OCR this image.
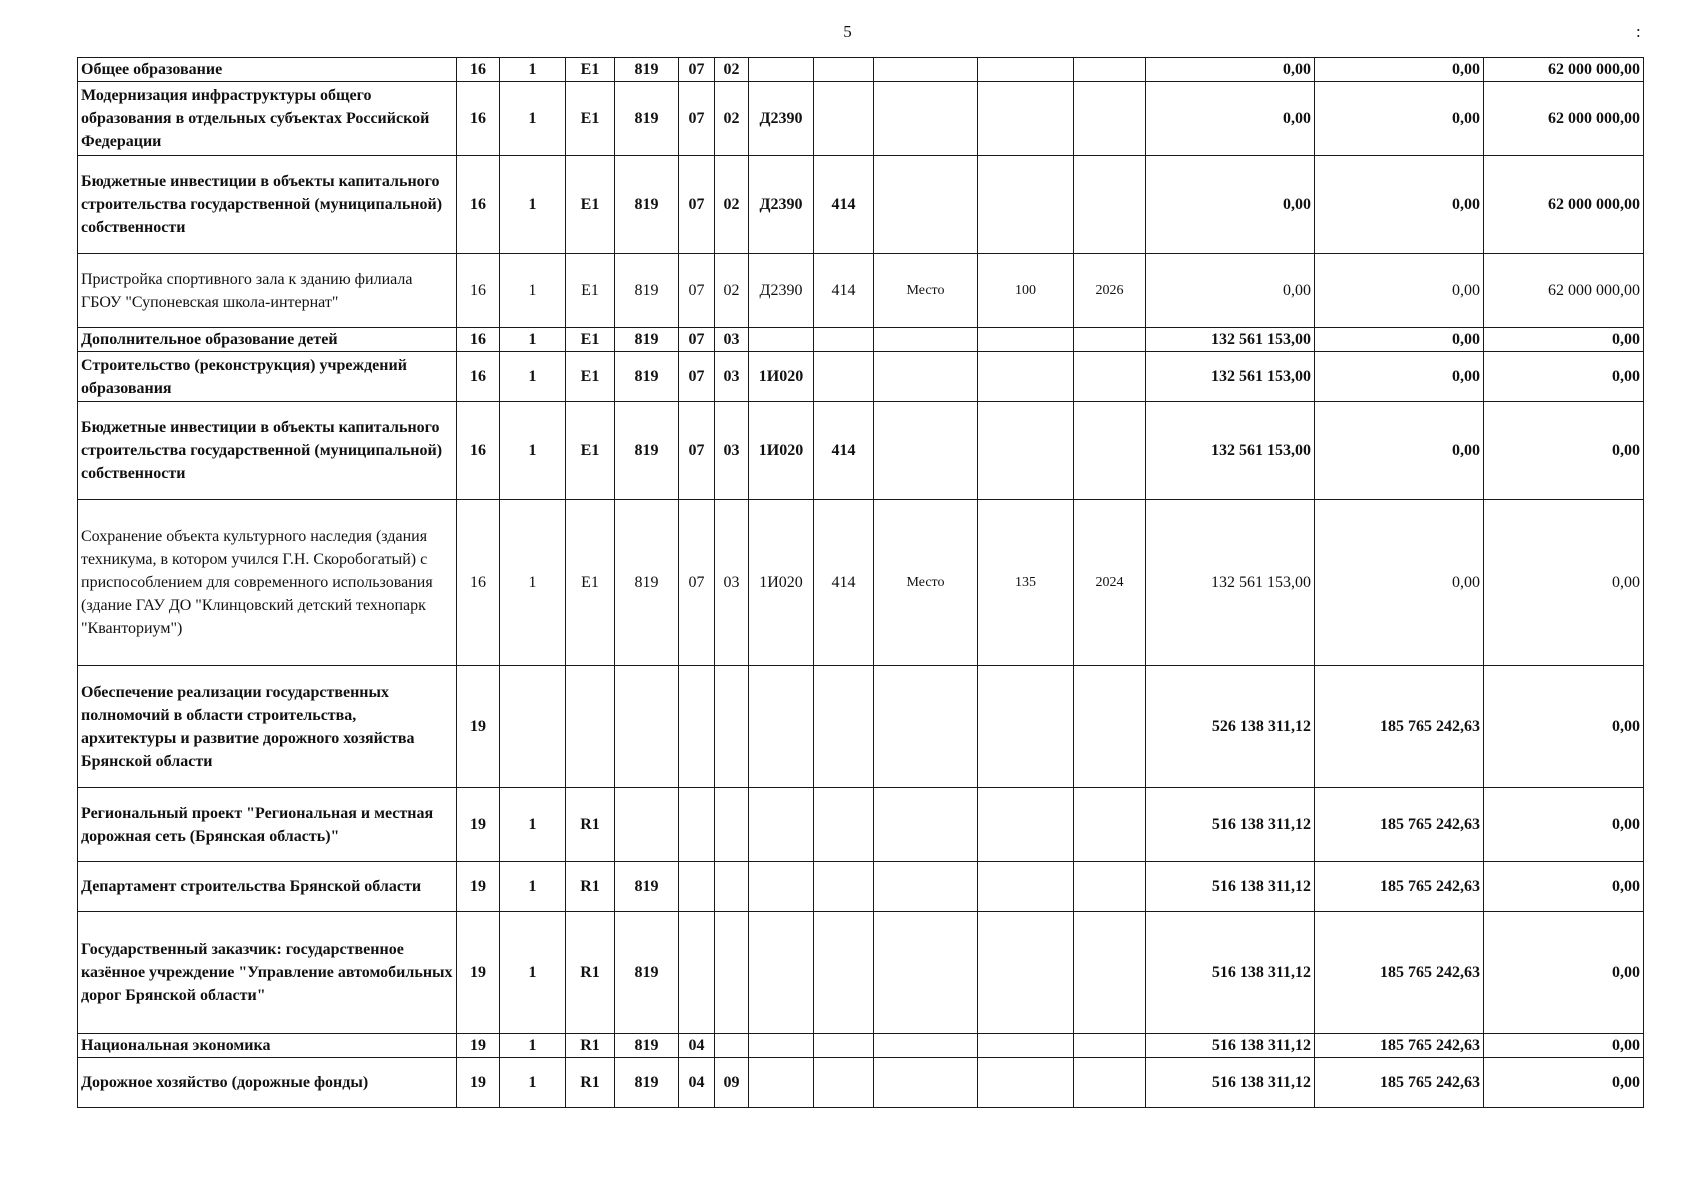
5	:
Общее образование	16	1	E1	819	07	02						0,00	0,00	62 000 000,00
Модернизация инфраструктуры общего образования в отдельных субъектах Российской Федерации	16	1	E1	819	07	02	Д2390					0,00	0,00	62 000 000,00
Бюджетные инвестиции в объекты капитального строительства государственной (муниципальной) собственности	16	1	E1	819	07	02	Д2390	414				0,00	0,00	62 000 000,00
Пристройка спортивного зала к зданию филиала ГБОУ "Супоневская школа-интернат"	16	1	E1	819	07	02	Д2390	414	Место	100	2026	0,00	0,00	62 000 000,00
Дополнительное образование детей	16	1	E1	819	07	03						132 561 153,00	0,00	0,00
Строительство (реконструкция) учреждений образования	16	1	E1	819	07	03	1И020					132 561 153,00	0,00	0,00
Бюджетные инвестиции в объекты капитального строительства государственной (муниципальной) собственности	16	1	E1	819	07	03	1И020	414				132 561 153,00	0,00	0,00
Сохранение объекта культурного наследия (здания техникума, в котором учился Г.Н. Скоробогатый) с приспособлением для современного использования (здание ГАУ ДО "Клинцовский детский технопарк "Кванториум")	16	1	E1	819	07	03	1И020	414	Место	135	2024	132 561 153,00	0,00	0,00
Обеспечение реализации государственных полномочий в области строительства, архитектуры и развитие дорожного хозяйства Брянской области	19											526 138 311,12	185 765 242,63	0,00
Региональный проект "Региональная и местная дорожная сеть (Брянская область)"	19	1	R1									516 138 311,12	185 765 242,63	0,00
Департамент строительства Брянской области	19	1	R1	819								516 138 311,12	185 765 242,63	0,00
Государственный заказчик: государственное казённое учреждение "Управление автомобильных дорог Брянской области"	19	1	R1	819								516 138 311,12	185 765 242,63	0,00
Национальная экономика	19	1	R1	819	04							516 138 311,12	185 765 242,63	0,00
Дорожное хозяйство (дорожные фонды)	19	1	R1	819	04	09						516 138 311,12	185 765 242,63	0,00
